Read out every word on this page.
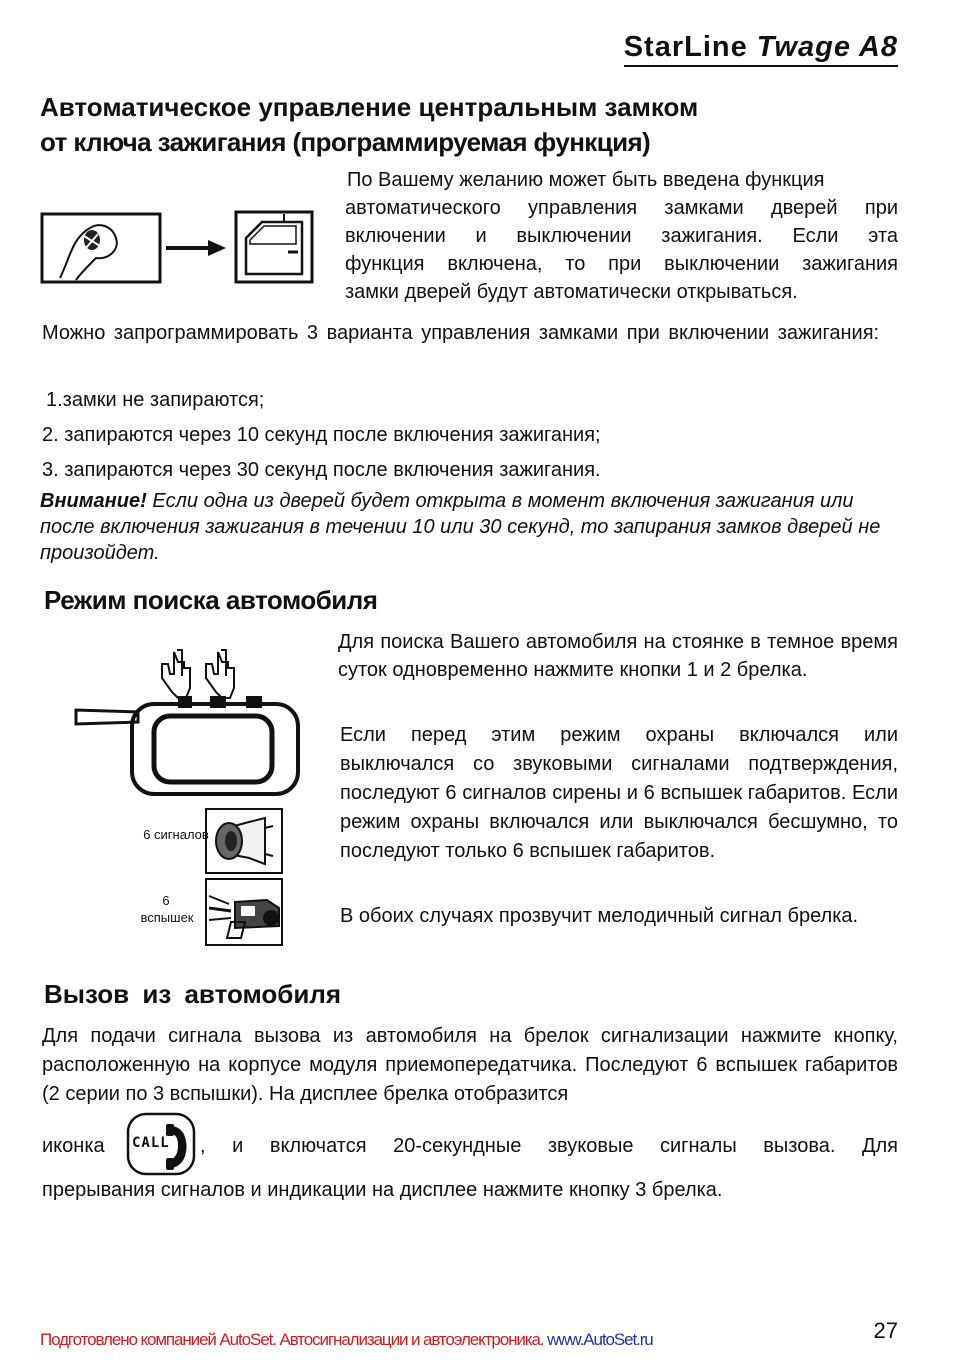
StarLine Twage A8
Автоматическое управление центральным замком
от ключа зажигания (программируемая функция)
По Вашему желанию может быть введена функция
автоматического управления замками дверей при
включении и выключении зажигания. Если эта
функция включена, то при выключении зажигания
замки дверей будут автоматически открываться.
Можно запрограммировать 3 варианта управления замками при включении зажигания:
1.замки не запираются;
2. запираются через 10 секунд после включения зажигания;
3. запираются через 30 секунд после включения зажигания.
Внимание! Если одна из дверей будет открыта в момент включения зажигания или после включения зажигания в течении 10 или 30 секунд, то запирания замков дверей не произойдет.
Режим поиска автомобиля
6 сигналов
6
вспышек
Для поиска Вашего автомобиля на стоянке в темное время суток одновременно нажмите кнопки 1 и 2 брелка.
Если перед этим режим охраны включался или выключался со звуковыми сигналами подтверждения, последуют 6 сигналов сирены и 6 вспышек габаритов. Если режим охраны включался или выключался бесшумно, то последуют только 6 вспышек габаритов.
В обоих случаях прозвучит мелодичный сигнал брелка.
Вызов из автомобиля
Для подачи сигнала вызова из автомобиля на брелок сигнализации нажмите кнопку, расположенную на корпусе модуля приемопередатчика. Последуют 6 вспышек габаритов (2 серии по 3 вспышки). На дисплее брелка отобразится
иконка CALL , и включатся 20-секундные звуковые сигналы вызова. Для
прерывания сигналов и индикации на дисплее нажмите кнопку 3 брелка.
Подготовлено компанией AutoSet. Автосигнализации и автоэлектроника. www.AutoSet.ru	27
